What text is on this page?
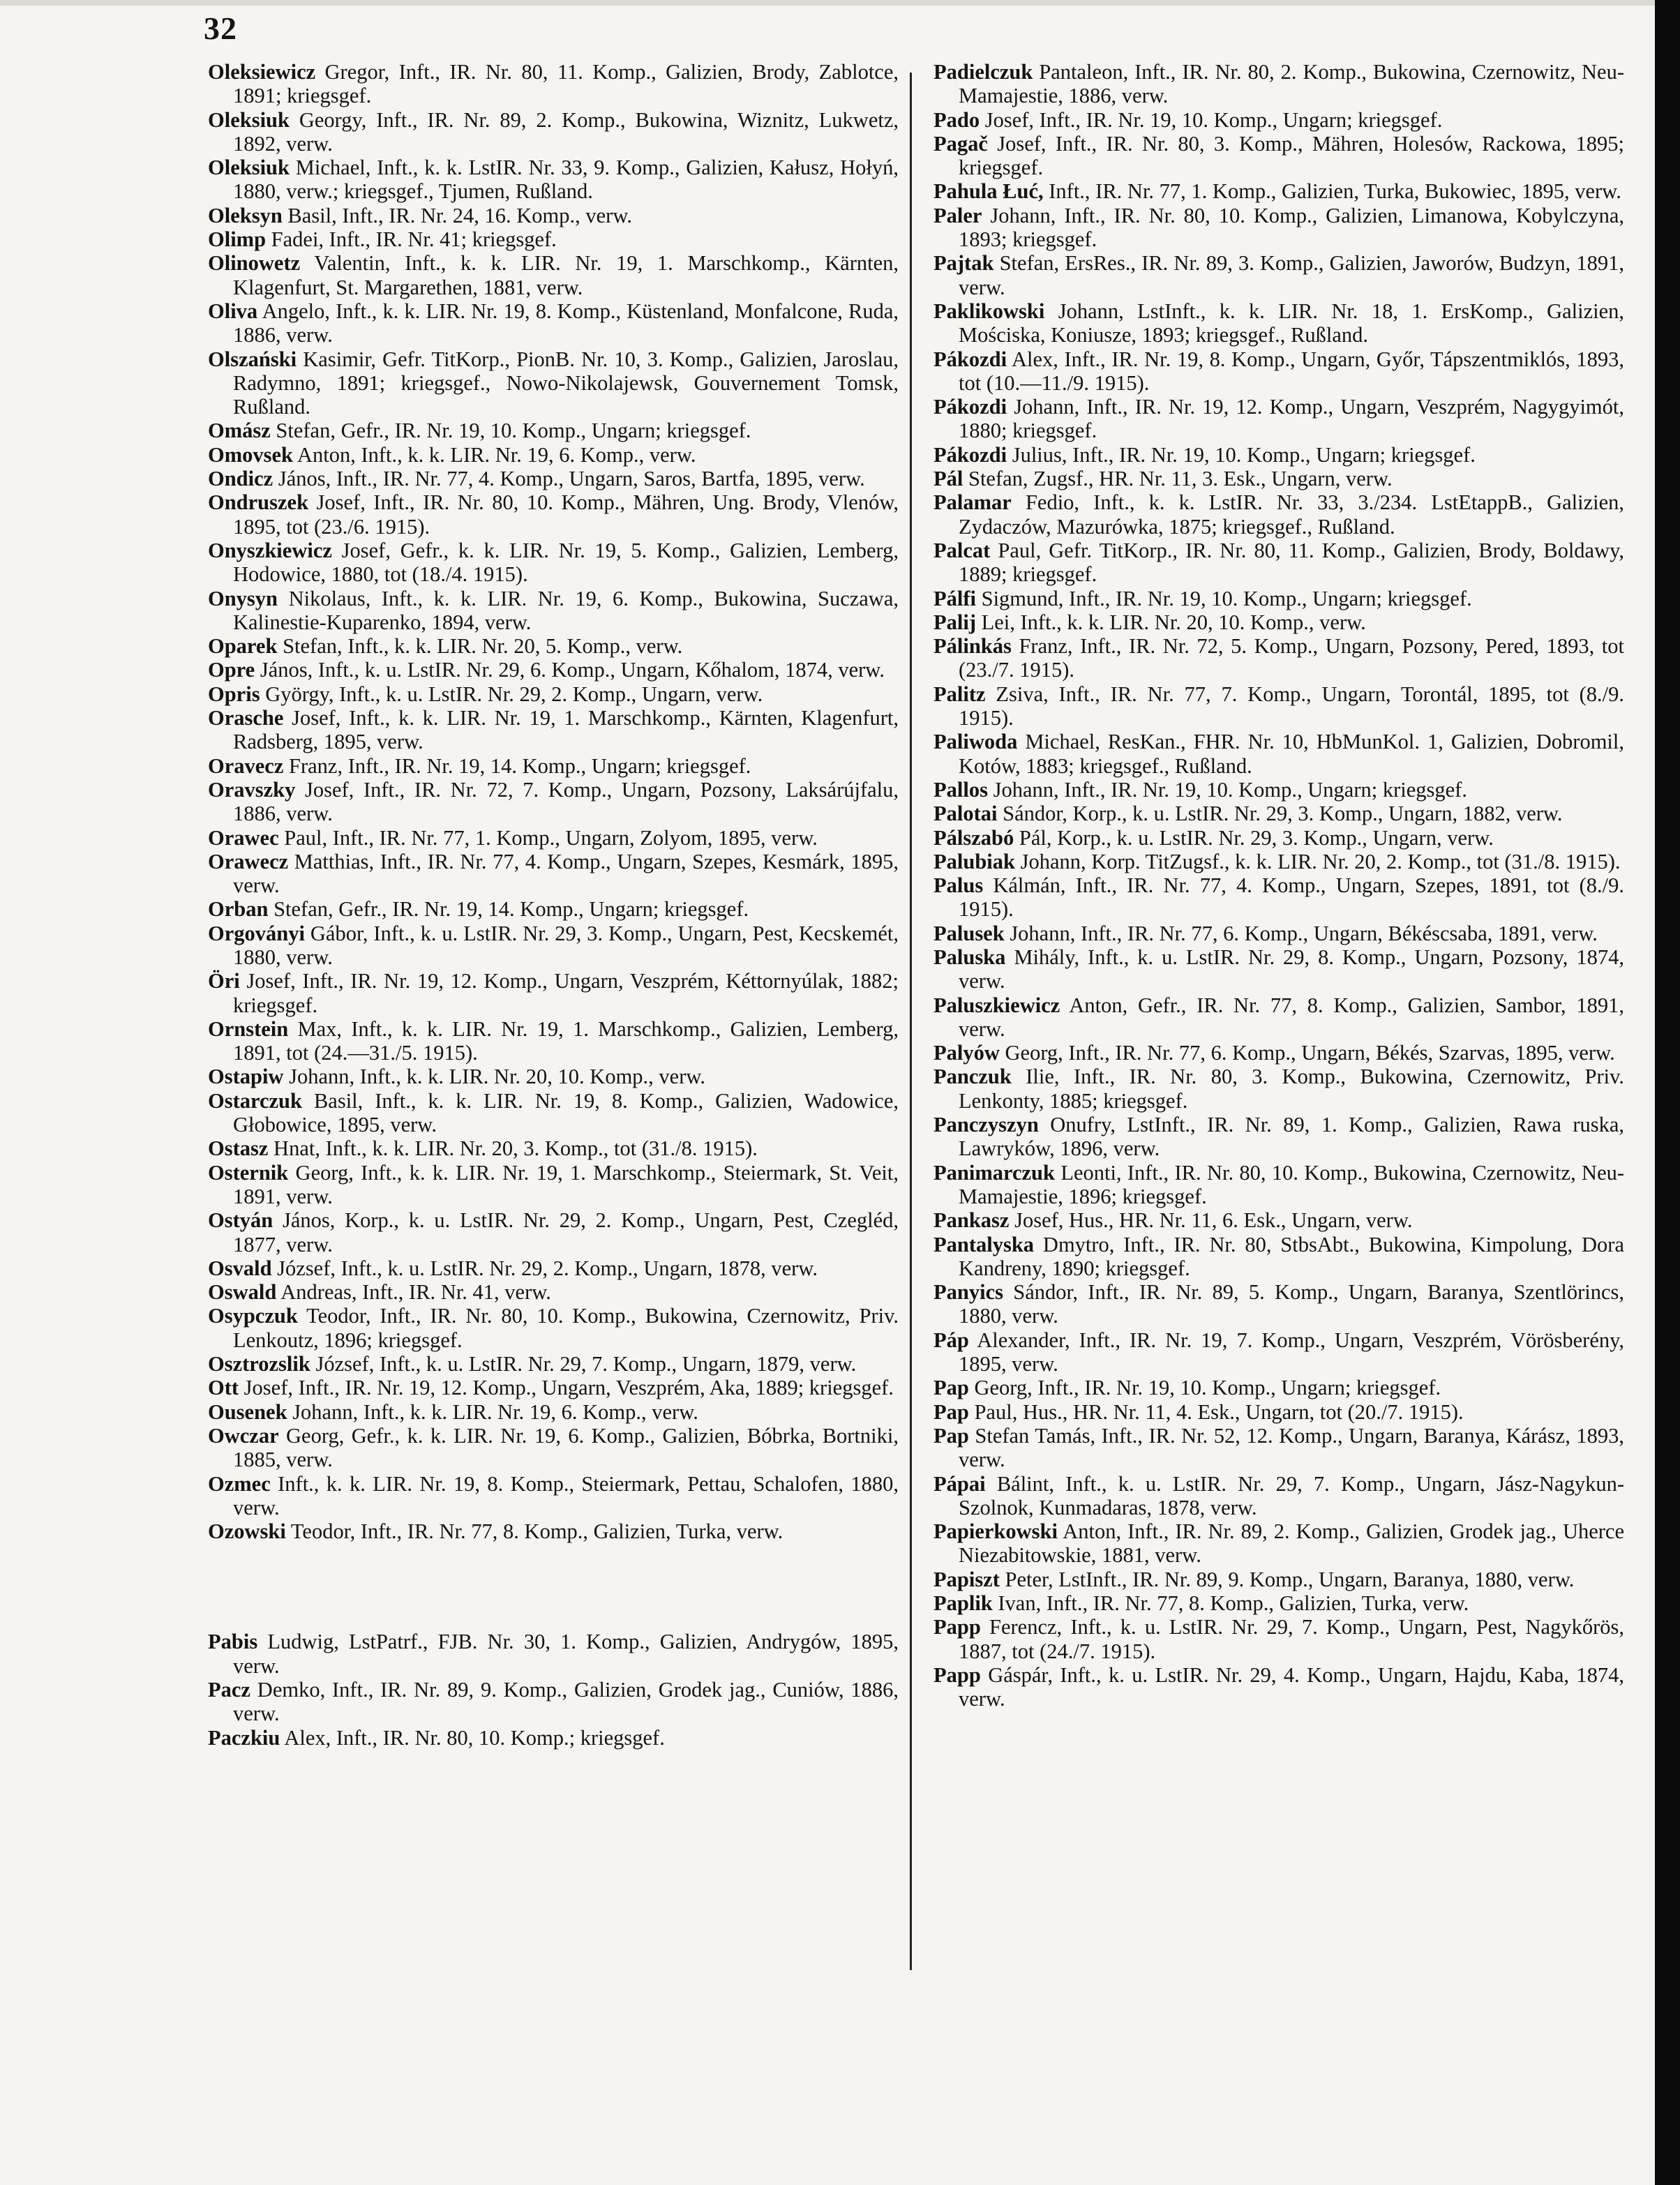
32
Oleksiewicz Gregor, Inft., IR. Nr. 80, 11. Komp., Galizien, Brody, Zablotce, 1891; kriegsgef.
Oleksiuk Georgy, Inft., IR. Nr. 89, 2. Komp., Bukowina, Wiznitz, Lukwetz, 1892, verw.
Oleksiuk Michael, Inft., k. k. LstIR. Nr. 33, 9. Komp., Galizien, Kałusz, Hołyń, 1880, verw.; kriegsgef., Tjumen, Rußland.
Oleksyn Basil, Inft., IR. Nr. 24, 16. Komp., verw.
Olimp Fadei, Inft., IR. Nr. 41; kriegsgef.
Olinowetz Valentin, Inft., k. k. LIR. Nr. 19, 1. Marschkomp., Kärnten, Klagenfurt, St. Margarethen, 1881, verw.
Oliva Angelo, Inft., k. k. LIR. Nr. 19, 8. Komp., Küstenland, Monfalcone, Ruda, 1886, verw.
Olszański Kasimir, Gefr. TitKorp., PionB. Nr. 10, 3. Komp., Galizien, Jaroslau, Radymno, 1891; kriegsgef., Nowo-Nikolajewsk, Gouvernement Tomsk, Rußland.
Omász Stefan, Gefr., IR. Nr. 19, 10. Komp., Ungarn; kriegsgef.
Omovsek Anton, Inft., k. k. LIR. Nr. 19, 6. Komp., verw.
Ondicz János, Inft., IR. Nr. 77, 4. Komp., Ungarn, Saros, Bartfa, 1895, verw.
Ondruszek Josef, Inft., IR. Nr. 80, 10. Komp., Mähren, Ung. Brody, Vlenów, 1895, tot (23./6. 1915).
Onyszkiewicz Josef, Gefr., k. k. LIR. Nr. 19, 5. Komp., Galizien, Lemberg, Hodowice, 1880, tot (18./4. 1915).
Onysyn Nikolaus, Inft., k. k. LIR. Nr. 19, 6. Komp., Bukowina, Suczawa, Kalinestie-Kuparenko, 1894, verw.
Oparek Stefan, Inft., k. k. LIR. Nr. 20, 5. Komp., verw.
Opre János, Inft., k. u. LstIR. Nr. 29, 6. Komp., Ungarn, Kőhalom, 1874, verw.
Opris György, Inft., k. u. LstIR. Nr. 29, 2. Komp., Ungarn, verw.
Orasche Josef, Inft., k. k. LIR. Nr. 19, 1. Marschkomp., Kärnten, Klagenfurt, Radsberg, 1895, verw.
Oravecz Franz, Inft., IR. Nr. 19, 14. Komp., Ungarn; kriegsgef.
Oravszky Josef, Inft., IR. Nr. 72, 7. Komp., Ungarn, Pozsony, Laksárújfalu, 1886, verw.
Orawec Paul, Inft., IR. Nr. 77, 1. Komp., Ungarn, Zolyom, 1895, verw.
Orawecz Matthias, Inft., IR. Nr. 77, 4. Komp., Ungarn, Szepes, Kesmárk, 1895, verw.
Orban Stefan, Gefr., IR. Nr. 19, 14. Komp., Ungarn; kriegsgef.
Orgoványi Gábor, Inft., k. u. LstIR. Nr. 29, 3. Komp., Ungarn, Pest, Kecskemét, 1880, verw.
Öri Josef, Inft., IR. Nr. 19, 12. Komp., Ungarn, Veszprém, Kéttornyúlak, 1882; kriegsgef.
Ornstein Max, Inft., k. k. LIR. Nr. 19, 1. Marschkomp., Galizien, Lemberg, 1891, tot (24.—31./5. 1915).
Ostapiw Johann, Inft., k. k. LIR. Nr. 20, 10. Komp., verw.
Ostarczuk Basil, Inft., k. k. LIR. Nr. 19, 8. Komp., Galizien, Wadowice, Głobowice, 1895, verw.
Ostasz Hnat, Inft., k. k. LIR. Nr. 20, 3. Komp., tot (31./8. 1915).
Osternik Georg, Inft., k. k. LIR. Nr. 19, 1. Marschkomp., Steiermark, St. Veit, 1891, verw.
Ostyán János, Korp., k. u. LstIR. Nr. 29, 2. Komp., Ungarn, Pest, Czegléd, 1877, verw.
Osvald József, Inft., k. u. LstIR. Nr. 29, 2. Komp., Ungarn, 1878, verw.
Oswald Andreas, Inft., IR. Nr. 41, verw.
Osypczuk Teodor, Inft., IR. Nr. 80, 10. Komp., Bukowina, Czernowitz, Priv. Lenkoutz, 1896; kriegsgef.
Osztrozslik József, Inft., k. u. LstIR. Nr. 29, 7. Komp., Ungarn, 1879, verw.
Ott Josef, Inft., IR. Nr. 19, 12. Komp., Ungarn, Veszprém, Aka, 1889; kriegsgef.
Ousenek Johann, Inft., k. k. LIR. Nr. 19, 6. Komp., verw.
Owczar Georg, Gefr., k. k. LIR. Nr. 19, 6. Komp., Galizien, Bóbrka, Bortniki, 1885, verw.
Ozmec Inft., k. k. LIR. Nr. 19, 8. Komp., Steiermark, Pettau, Schalofen, 1880, verw.
Ozowski Teodor, Inft., IR. Nr. 77, 8. Komp., Galizien, Turka, verw.
Pabis Ludwig, LstPatrf., FJB. Nr. 30, 1. Komp., Galizien, Andrygów, 1895, verw.
Pacz Demko, Inft., IR. Nr. 89, 9. Komp., Galizien, Grodek jag., Cuniów, 1886, verw.
Paczkiu Alex, Inft., IR. Nr. 80, 10. Komp.; kriegsgef.
Padielczuk Pantaleon, Inft., IR. Nr. 80, 2. Komp., Bukowina, Czernowitz, Neu-Mamajestie, 1886, verw.
Pado Josef, Inft., IR. Nr. 19, 10. Komp., Ungarn; kriegsgef.
Pagač Josef, Inft., IR. Nr. 80, 3. Komp., Mähren, Holesów, Rackowa, 1895; kriegsgef.
Pahula Łuć, Inft., IR. Nr. 77, 1. Komp., Galizien, Turka, Bukowiec, 1895, verw.
Paler Johann, Inft., IR. Nr. 80, 10. Komp., Galizien, Limanowa, Kobylczyna, 1893; kriegsgef.
Pajtak Stefan, ErsRes., IR. Nr. 89, 3. Komp., Galizien, Jaworów, Budzyn, 1891, verw.
Paklikowski Johann, LstInft., k. k. LIR. Nr. 18, 1. ErsKomp., Galizien, Mościska, Koniusze, 1893; kriegsgef., Rußland.
Pákozdi Alex, Inft., IR. Nr. 19, 8. Komp., Ungarn, Győr, Tápszentmiklós, 1893, tot (10.—11./9. 1915).
Pákozdi Johann, Inft., IR. Nr. 19, 12. Komp., Ungarn, Veszprém, Nagygyimót, 1880; kriegsgef.
Pákozdi Julius, Inft., IR. Nr. 19, 10. Komp., Ungarn; kriegsgef.
Pál Stefan, Zugsf., HR. Nr. 11, 3. Esk., Ungarn, verw.
Palamar Fedio, Inft., k. k. LstIR. Nr. 33, 3./234. LstEtappB., Galizien, Zydaczów, Mazurówka, 1875; kriegsgef., Rußland.
Palcat Paul, Gefr. TitKorp., IR. Nr. 80, 11. Komp., Galizien, Brody, Boldawy, 1889; kriegsgef.
Pálfi Sigmund, Inft., IR. Nr. 19, 10. Komp., Ungarn; kriegsgef.
Palij Lei, Inft., k. k. LIR. Nr. 20, 10. Komp., verw.
Pálinkás Franz, Inft., IR. Nr. 72, 5. Komp., Ungarn, Pozsony, Pered, 1893, tot (23./7. 1915).
Palitz Zsiva, Inft., IR. Nr. 77, 7. Komp., Ungarn, Torontál, 1895, tot (8./9. 1915).
Paliwoda Michael, ResKan., FHR. Nr. 10, HbMunKol. 1, Galizien, Dobromil, Kotów, 1883; kriegsgef., Rußland.
Pallos Johann, Inft., IR. Nr. 19, 10. Komp., Ungarn; kriegsgef.
Palotai Sándor, Korp., k. u. LstIR. Nr. 29, 3. Komp., Ungarn, 1882, verw.
Pálszabó Pál, Korp., k. u. LstIR. Nr. 29, 3. Komp., Ungarn, verw.
Palubiak Johann, Korp. TitZugsf., k. k. LIR. Nr. 20, 2. Komp., tot (31./8. 1915).
Palus Kálmán, Inft., IR. Nr. 77, 4. Komp., Ungarn, Szepes, 1891, tot (8./9. 1915).
Palusek Johann, Inft., IR. Nr. 77, 6. Komp., Ungarn, Békéscsaba, 1891, verw.
Paluska Mihály, Inft., k. u. LstIR. Nr. 29, 8. Komp., Ungarn, Pozsony, 1874, verw.
Paluszkiewicz Anton, Gefr., IR. Nr. 77, 8. Komp., Galizien, Sambor, 1891, verw.
Palyów Georg, Inft., IR. Nr. 77, 6. Komp., Ungarn, Békés, Szarvas, 1895, verw.
Panczuk Ilie, Inft., IR. Nr. 80, 3. Komp., Bukowina, Czernowitz, Priv. Lenkonty, 1885; kriegsgef.
Panczyszyn Onufry, LstInft., IR. Nr. 89, 1. Komp., Galizien, Rawa ruska, Lawryków, 1896, verw.
Panimarczuk Leonti, Inft., IR. Nr. 80, 10. Komp., Bukowina, Czernowitz, Neu-Mamajestie, 1896; kriegsgef.
Pankasz Josef, Hus., HR. Nr. 11, 6. Esk., Ungarn, verw.
Pantalyska Dmytro, Inft., IR. Nr. 80, StbsAbt., Bukowina, Kimpolung, Dora Kandreny, 1890; kriegsgef.
Panyics Sándor, Inft., IR. Nr. 89, 5. Komp., Ungarn, Baranya, Szentlörincs, 1880, verw.
Páp Alexander, Inft., IR. Nr. 19, 7. Komp., Ungarn, Veszprém, Vörösberény, 1895, verw.
Pap Georg, Inft., IR. Nr. 19, 10. Komp., Ungarn; kriegsgef.
Pap Paul, Hus., HR. Nr. 11, 4. Esk., Ungarn, tot (20./7. 1915).
Pap Stefan Tamás, Inft., IR. Nr. 52, 12. Komp., Ungarn, Baranya, Kárász, 1893, verw.
Pápai Bálint, Inft., k. u. LstIR. Nr. 29, 7. Komp., Ungarn, Jász-Nagykun-Szolnok, Kunmadaras, 1878, verw.
Papierkowski Anton, Inft., IR. Nr. 89, 2. Komp., Galizien, Grodek jag., Uherce Niezabitowskie, 1881, verw.
Papiszt Peter, LstInft., IR. Nr. 89, 9. Komp., Ungarn, Baranya, 1880, verw.
Paplik Ivan, Inft., IR. Nr. 77, 8. Komp., Galizien, Turka, verw.
Papp Ferencz, Inft., k. u. LstIR. Nr. 29, 7. Komp., Ungarn, Pest, Nagykőrös, 1887, tot (24./7. 1915).
Papp Gáspár, Inft., k. u. LstIR. Nr. 29, 4. Komp., Ungarn, Hajdu, Kaba, 1874, verw.
